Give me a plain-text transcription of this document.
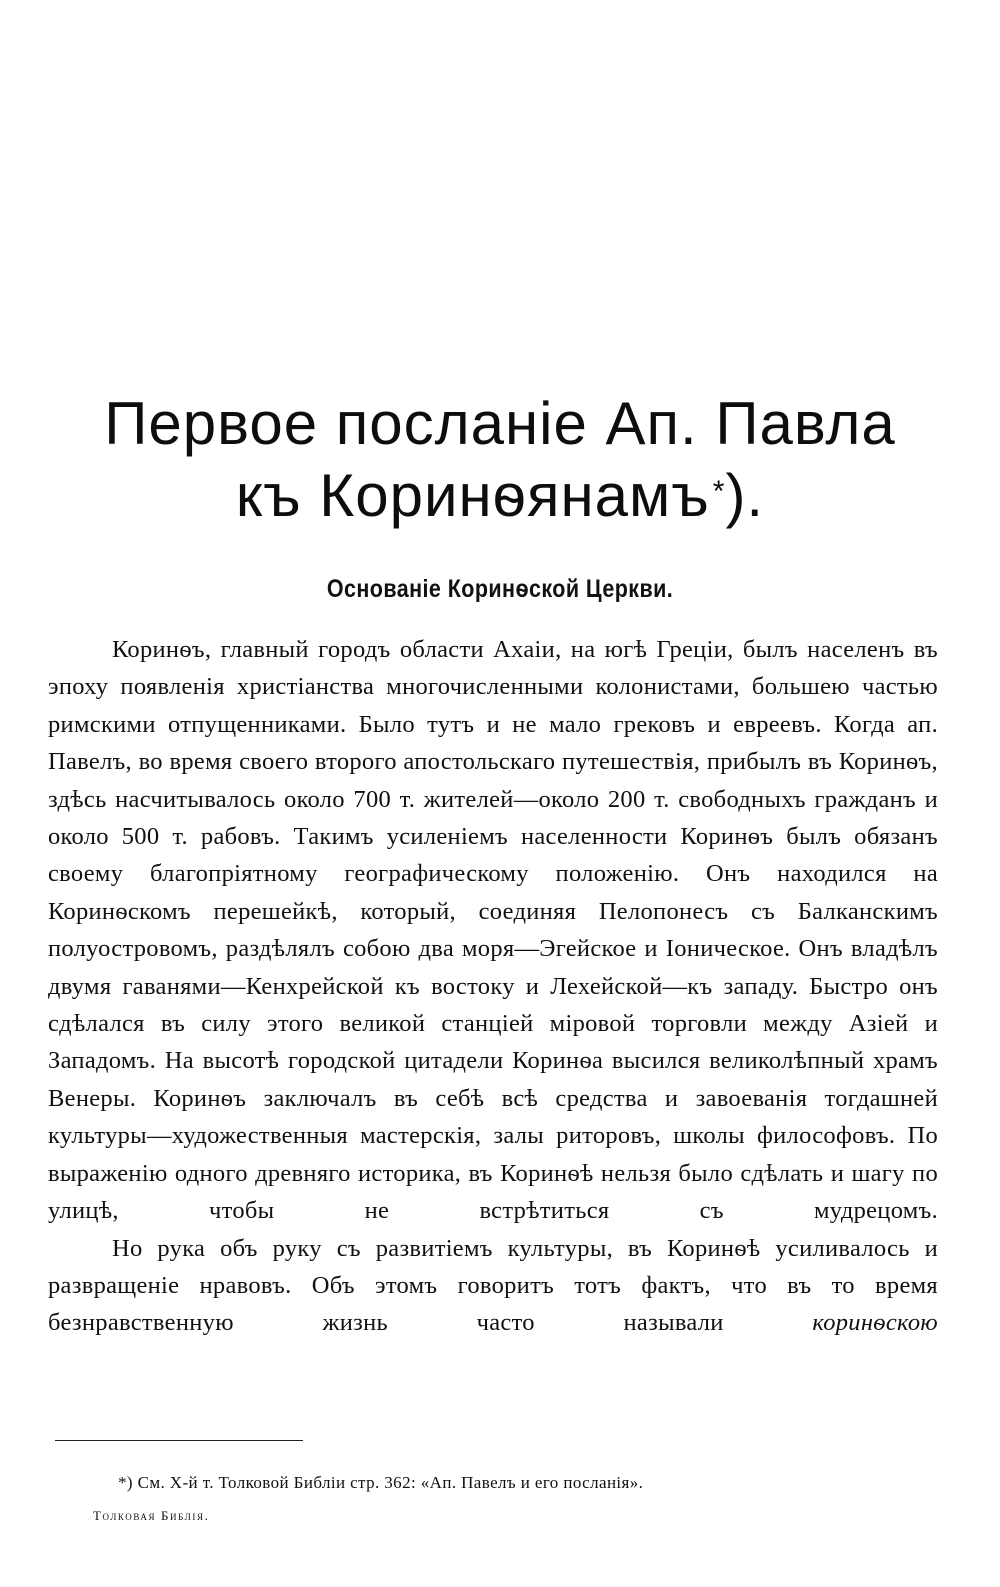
Первое посланіе Ап. Павла
къ Коринѳянамъ *).
Основаніе Коринѳской Церкви.

Коринѳъ, главный городъ области Ахаіи, на югѣ Греціи, былъ населенъ въ эпоху появленія христіанства многочисленными колонистами, большею частью римскими отпущенниками. Было тутъ и не мало грековъ и евреевъ. Когда ап. Павелъ, во время своего второго апостольскаго путешествія, прибылъ въ Коринѳъ, здѣсь насчитывалось около 700 т. жителей—около 200 т. свободныхъ гражданъ и около 500 т. рабовъ. Такимъ усиленіемъ населенности Коринѳъ былъ обязанъ своему благопріятному географическому положенію. Онъ находился на Коринѳскомъ перешейкѣ, который, соединяя Пелопонесъ съ Балканскимъ полуостровомъ, раздѣлялъ собою два моря—Эгейское и Іоническое. Онъ владѣлъ двумя гаванями—Кенхрейской къ востоку и Лехейской—къ западу. Быстро онъ сдѣлался въ силу этого великой станціей міровой торговли между Азіей и Западомъ. На высотѣ городской цитадели Коринѳа высился великолѣпный храмъ Венеры. Коринѳъ заключалъ въ себѣ всѣ средства и завоеванія тогдашней культуры—художественныя мастерскія, залы риторовъ, школы философовъ. По выраженію одного древняго историка, въ Коринѳѣ нельзя было сдѣлать и шагу по улицѣ, чтобы не встрѣтиться съ мудрецомъ.

Но рука объ руку съ развитіемъ культуры, въ Коринѳѣ усиливалось и развращеніе нравовъ. Объ этомъ говоритъ тотъ фактъ, что въ то время безнравственную жизнь часто называли	коринѳскою

*) См. Х-й т. Толковой Библіи стр. 362: «Ап. Павелъ и его посланія».
Толковая Библія.
